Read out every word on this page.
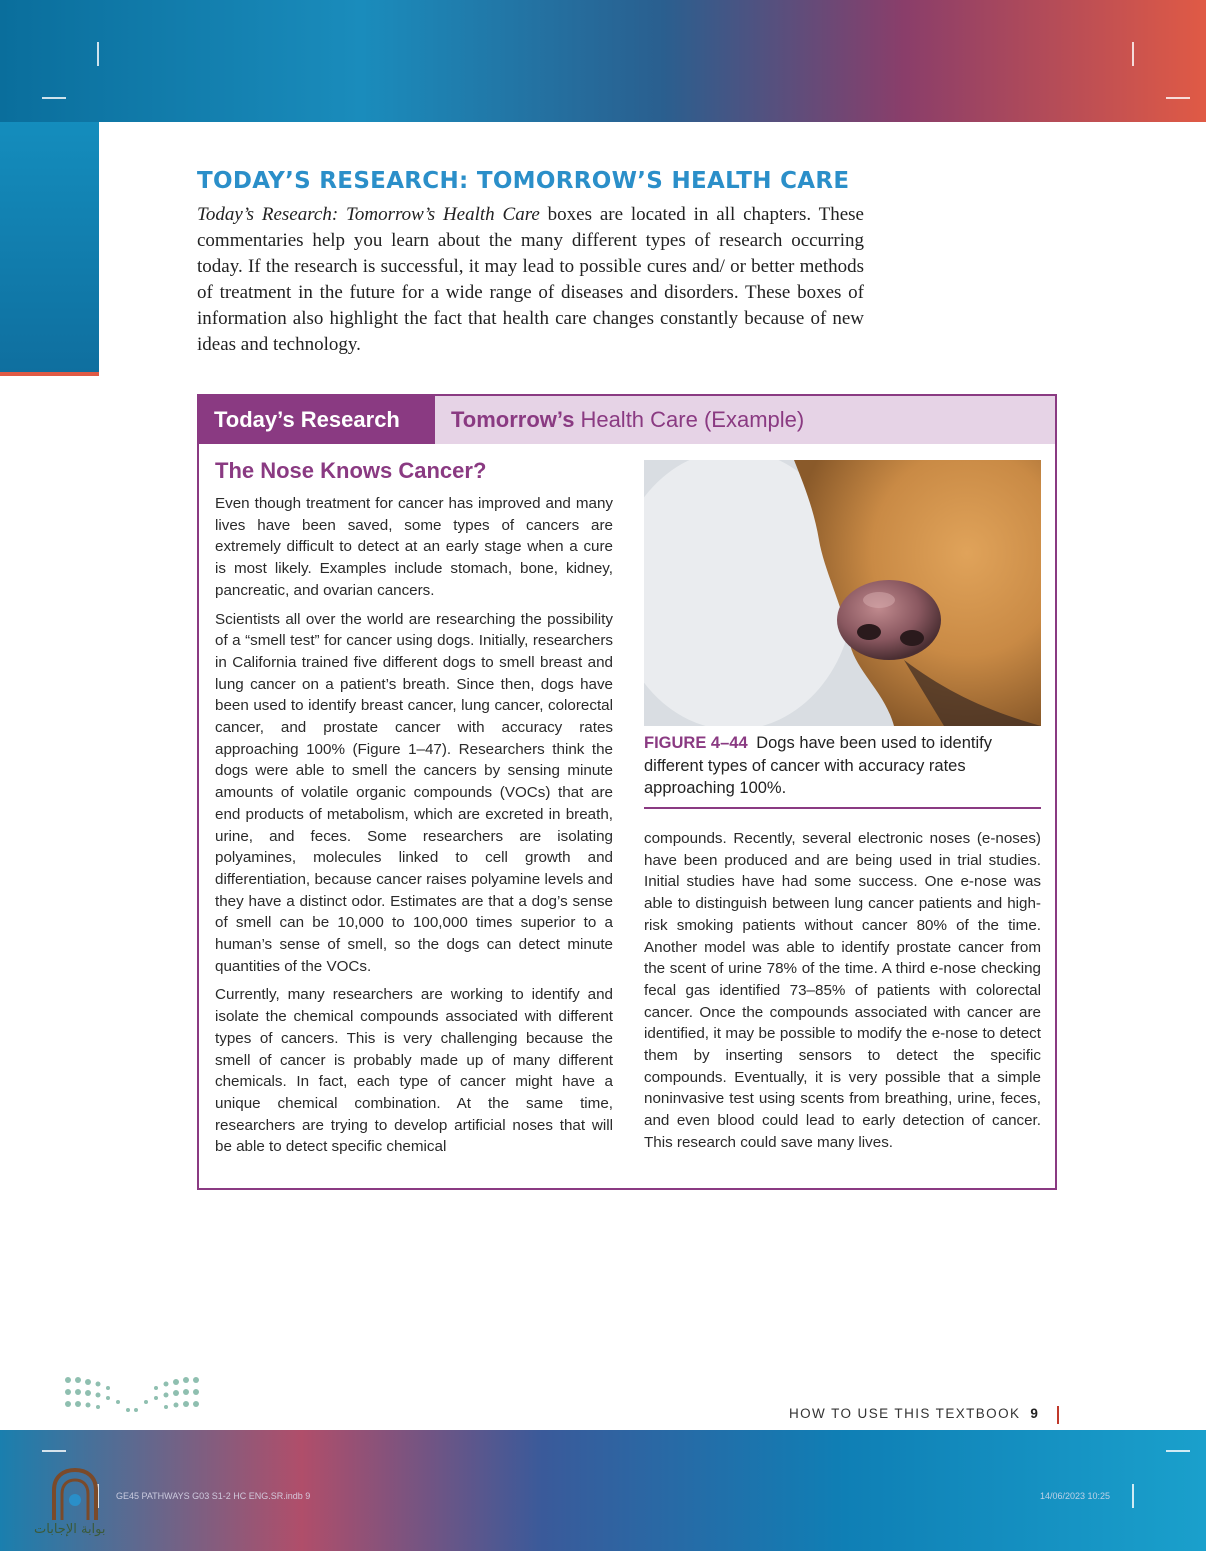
TODAY’S RESEARCH: TOMORROW’S HEALTH CARE

Today’s Research: Tomorrow’s Health Care boxes are located in all chapters. These commentaries help you learn about the many different types of research occurring today. If the research is successful, it may lead to possible cures and/ or better methods of treatment in the future for a wide range of diseases and disorders. These boxes of information also highlight the fact that health care changes constantly because of new ideas and technology.

Today’s Research	Tomorrow’s Health Care (Example)
The Nose Knows Cancer?

Even though treatment for cancer has improved and many lives have been saved, some types of cancers are extremely difficult to detect at an early stage when a cure is most likely. Examples include stomach, bone, kidney, pancreatic, and ovarian cancers.

Scientists all over the world are researching the possibility of a “smell test” for cancer using dogs. Initially, researchers in California trained five different dogs to smell breast and lung cancer on a patient’s breath. Since then, dogs have been used to identify breast cancer, lung cancer, colorectal cancer, and prostate cancer with accuracy rates approaching 100% (Figure 1–47). Researchers think the dogs were able to smell the cancers by sensing minute amounts of volatile organic compounds (VOCs) that are end products of metabolism, which are excreted in breath, urine, and feces. Some researchers are isolating polyamines, molecules linked to cell growth and differentiation, because cancer raises polyamine levels and they have a distinct odor. Estimates are that a dog’s sense of smell can be 10,000 to 100,000 times superior to a human’s sense of smell, so the dogs can detect minute quantities of the VOCs.

Currently, many researchers are working to identify and isolate the chemical compounds associated with different types of cancers. This is very challenging because the smell of cancer is probably made up of many different chemicals. In fact, each type of cancer might have a unique chemical combination. At the same time, researchers are trying to develop artificial noses that will be able to detect specific chemical

FIGURE 4–44 Dogs have been used to identify different types of cancer with accuracy rates approaching 100%.

compounds. Recently, several electronic noses (e-noses) have been produced and are being used in trial studies. Initial studies have had some success. One e-nose was able to distinguish between lung cancer patients and high-risk smoking patients without cancer 80% of the time. Another model was able to identify prostate cancer from the scent of urine 78% of the time. A third e-nose checking fecal gas identified 73–85% of patients with colorectal cancer. Once the compounds associated with cancer are identified, it may be possible to modify the e-nose to detect them by inserting sensors to detect the specific compounds. Eventually, it is very possible that a simple noninvasive test using scents from breathing, urine, feces, and even blood could lead to early detection of cancer. This research could save many lives.

HOW TO USE THIS TEXTBOOK 9
GE45 PATHWAYS G03 S1-2 HC ENG.SR.indb 9	14/06/2023 10:25
بوابة الإجابات
